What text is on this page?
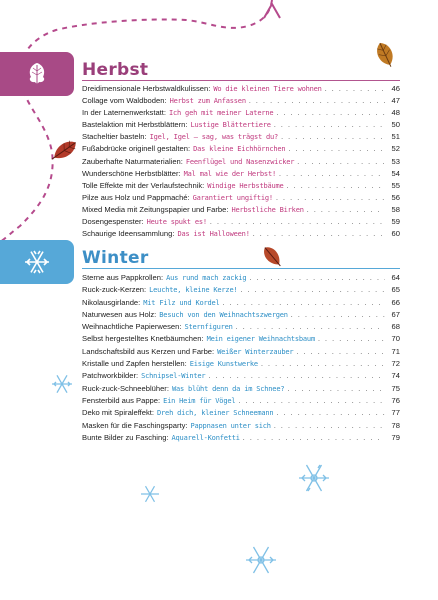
Herbst
Dreidimensionale Herbstwaldkulissen: Wo die kleinen Tiere wohnen . . .	46
Collage vom Waldboden: Herbst zum Anfassen . . .	47
In der Laternenwerkstatt: Ich geh mit meiner Laterne . . .	48
Bastelaktion mit Herbstblättern: Lustige Blättertiere . . .	50
Stacheltier basteln: Igel, Igel – sag, was trägst du? . . .	51
Fußabdrücke originell gestalten: Das kleine Eichhörnchen . . .	52
Zauberhafte Naturmaterialien: Feenflügel und Nasenzwicker . . .	53
Wunderschöne Herbstblätter: Mal mal wie der Herbst! . . .	54
Tolle Effekte mit der Verlaufstechnik: Windige Herbstbäume . . .	55
Pilze aus Holz und Pappmaché: Garantiert ungiftig! . . .	56
Mixed Media mit Zeitungspapier und Farbe: Herbstliche Birken . . .	58
Dosengespenster: Heute spukt es! . . .	59
Schaurige Ideensammlung: Das ist Halloween! . . .	60
Winter
Sterne aus Pappkrollen: Aus rund mach zackig . . .	64
Ruck-zuck-Kerzen: Leuchte, kleine Kerze! . . .	65
Nikolausgirlande: Mit Filz und Kordel . . .	66
Naturwesen aus Holz: Besuch von den Weihnachtszwergen . . .	67
Weihnachtliche Papierwesen: Sternfiguren . . .	68
Selbst hergestelltes Knetbäumchen: Mein eigener Weihnachtsbaum . . .	70
Landschaftsbild aus Kerzen und Farbe: Weißer Winterzauber . . .	71
Kristalle und Zapfen herstellen: Eisige Kunstwerke . . .	72
Patchworkbilder: Schnipsel-Winter . . .	74
Ruck-zuck-Schneeblüher: Was blüht denn da im Schnee? . . .	75
Fensterbild aus Pappe: Ein Heim für Vögel . . .	76
Deko mit Spiraleffekt: Dreh dich, kleiner Schneemann . . .	77
Masken für die Faschingsparty: Pappnasen unter sich . . .	78
Bunte Bilder zu Fasching: Aquarell-Konfetti . . .	79
